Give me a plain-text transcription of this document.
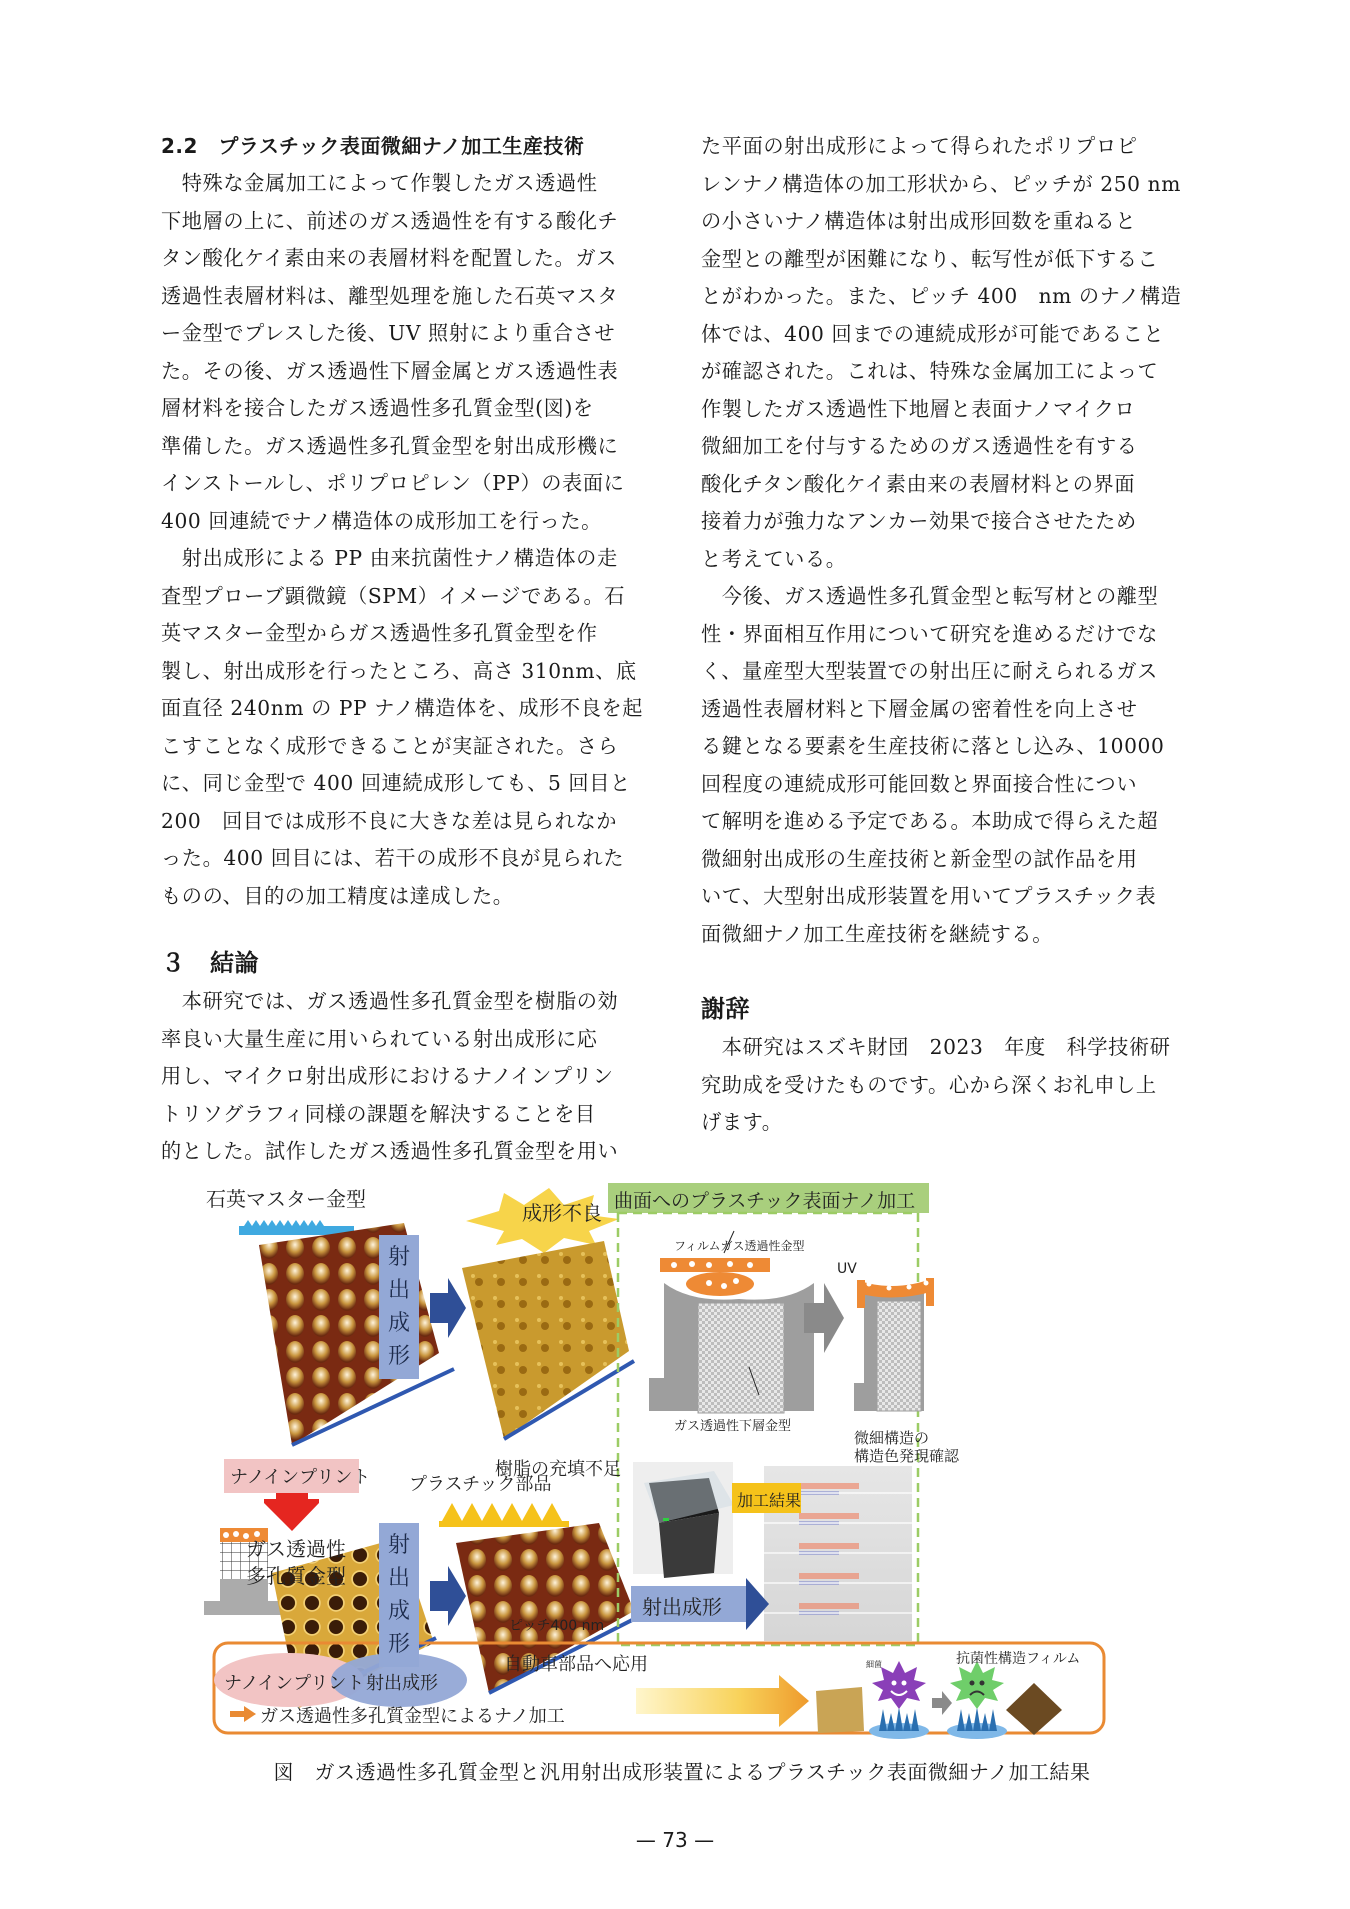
2.2　プラスチック表面微細ナノ加工生産技術

　特殊な金属加工によって作製したガス透過性
下地層の上に、前述のガス透過性を有する酸化チ
タン酸化ケイ素由来の表層材料を配置した。ガス
透過性表層材料は、離型処理を施した石英マスタ
ー金型でプレスした後、UV 照射により重合させ
た。その後、ガス透過性下層金属とガス透過性表
層材料を接合したガス透過性多孔質金型(図)を
準備した。ガス透過性多孔質金型を射出成形機に
インストールし、ポリプロピレン（PP）の表面に
400 回連続でナノ構造体の成形加工を行った。

　射出成形による PP 由来抗菌性ナノ構造体の走
査型プローブ顕微鏡（SPM）イメージである。石
英マスター金型からガス透過性多孔質金型を作
製し、射出成形を行ったところ、高さ 310nm、底
面直径 240nm の PP ナノ構造体を、成形不良を起
こすことなく成形できることが実証された。さら
に、同じ金型で 400 回連続成形しても、5 回目と
200　回目では成形不良に大きな差は見られなか
った。400 回目には、若干の成形不良が見られた
ものの、目的の加工精度は達成した。

３　結論

　本研究では、ガス透過性多孔質金型を樹脂の効
率良い大量生産に用いられている射出成形に応
用し、マイクロ射出成形におけるナノインプリン
トリソグラフィ同様の課題を解決することを目
的とした。試作したガス透過性多孔質金型を用い

た平面の射出成形によって得られたポリプロピ
レンナノ構造体の加工形状から、ピッチが 250 nm
の小さいナノ構造体は射出成形回数を重ねると
金型との離型が困難になり、転写性が低下するこ
とがわかった。また、ピッチ 400　nm のナノ構造
体では、400 回までの連続成形が可能であること
が確認された。これは、特殊な金属加工によって
作製したガス透過性下地層と表面ナノマイクロ
微細加工を付与するためのガス透過性を有する
酸化チタン酸化ケイ素由来の表層材料との界面
接着力が強力なアンカー効果で接合させたため
と考えている。

　今後、ガス透過性多孔質金型と転写材との離型
性・界面相互作用について研究を進めるだけでな
く、量産型大型装置での射出圧に耐えられるガス
透過性表層材料と下層金属の密着性を向上させ
る鍵となる要素を生産技術に落とし込み、10000
回程度の連続成形可能回数と界面接合性につい
て解明を進める予定である。本助成で得らえた超
微細射出成形の生産技術と新金型の試作品を用
いて、大型射出成形装置を用いてプラスチック表
面微細ナノ加工生産技術を継続する。

謝辞

　本研究はスズキ財団　2023　年度　科学技術研
究助成を受けたものです。心から深くお礼申し上
げます。

石英マスター金型
成形不良
射
出
成
形
樹脂の充填不足
ナノインプリント
ガス透過性
多孔質金型
プラスチック部品
射
出
成
形
ピッチ400 nm
曲面へのプラスチック表面ナノ加工
フィルムガス透過性金型
UV
ガス透過性下層金型
微細構造の
構造色発現確認
加工結果
射出成形
ナノインプリント 射出成形
ガス透過性多孔質金型によるナノ加工
自動車部品へ応用	細菌	抗菌性構造フィルム
図　ガス透過性多孔質金型と汎用射出成形装置によるプラスチック表面微細ナノ加工結果
— 73 —
